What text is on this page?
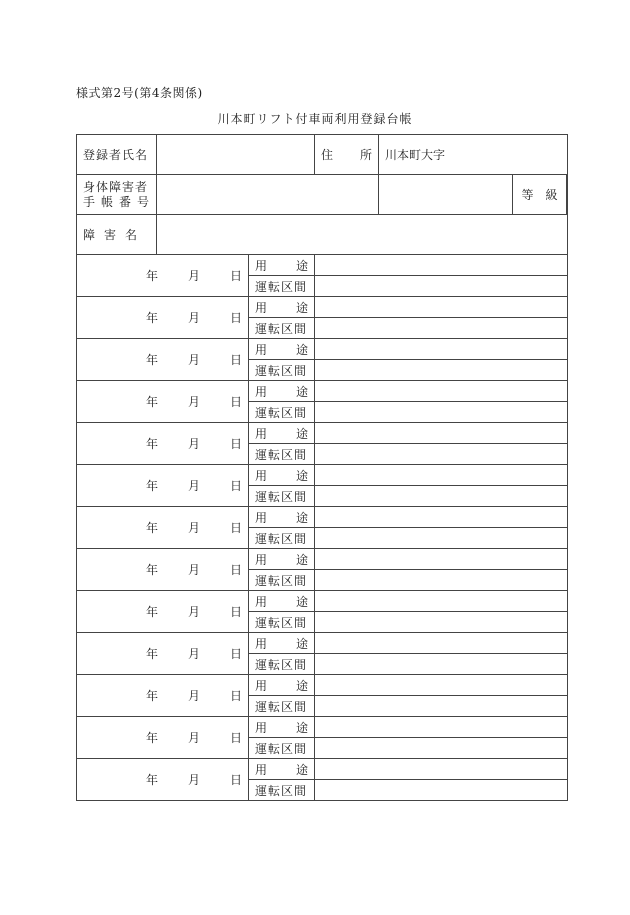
様式第2号(第4条関係)
川本町リフト付車両利用登録台帳
登録者氏名			住 所	川本町大字		

身体障害者
手帳番号					等　級	
障害名						
年 月 日		用 途				

		運転区間				
年 月 日		用 途				

		運転区間				
年 月 日		用 途				

		運転区間				
年 月 日		用 途				

		運転区間				
年 月 日		用 途				

		運転区間				
年 月 日		用 途				

		運転区間				
年 月 日		用 途				

		運転区間				
年 月 日		用 途				

		運転区間				
年 月 日		用 途				

		運転区間				
年 月 日		用 途				

		運転区間				
年 月 日		用 途				

		運転区間				
年 月 日		用 途				

		運転区間				
年 月 日		用 途				

		運転区間				
